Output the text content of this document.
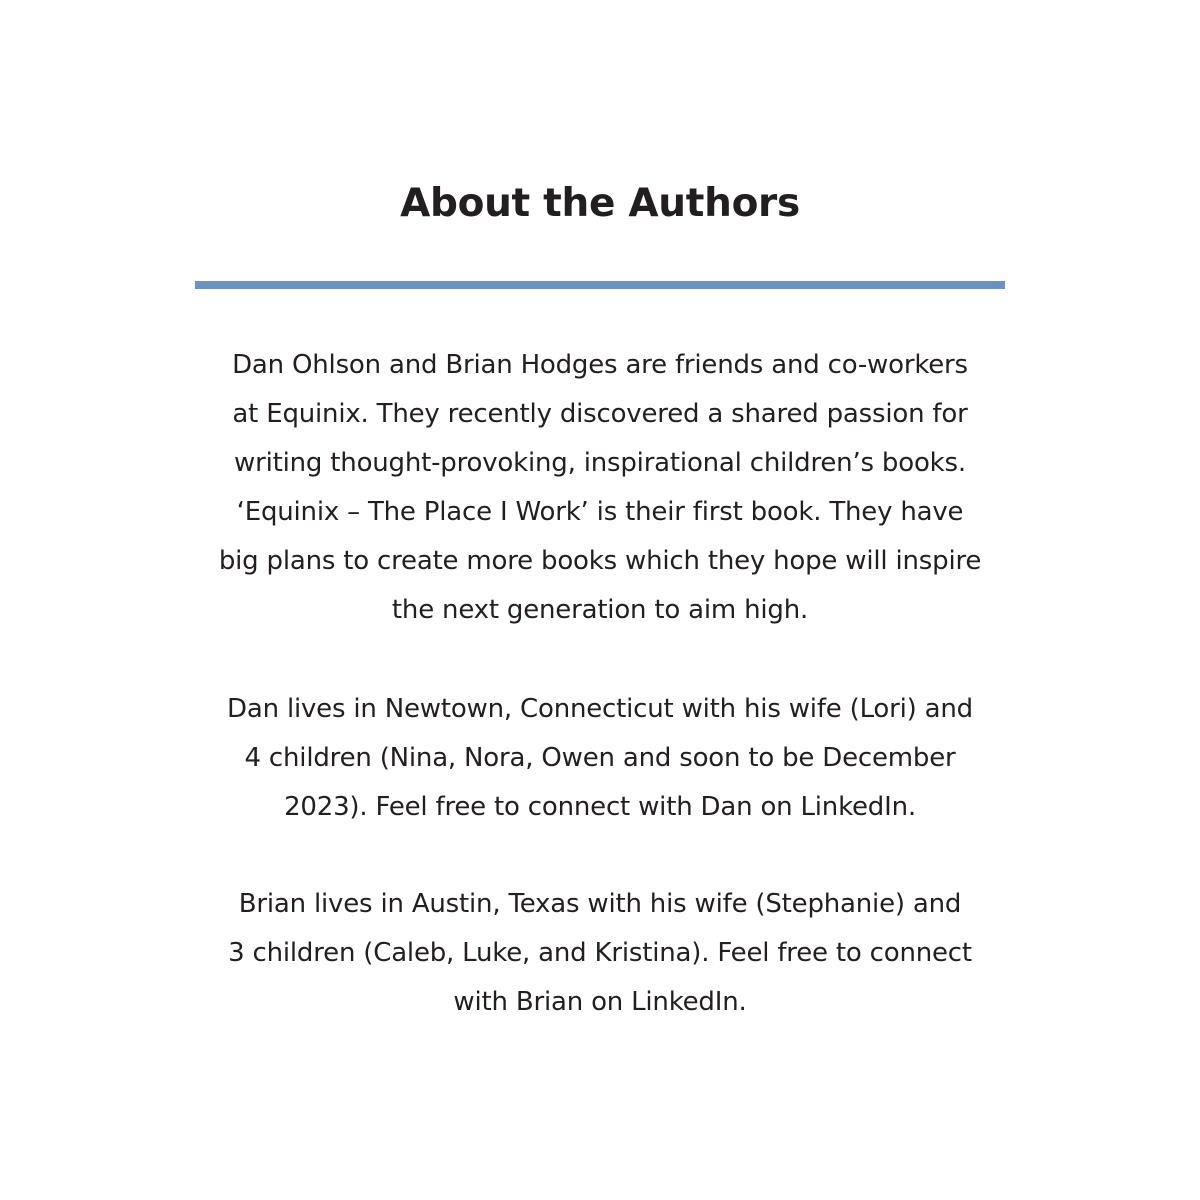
About the Authors

Dan Ohlson and Brian Hodges are friends and co-workers
at Equinix. They recently discovered a shared passion for
writing thought-provoking, inspirational children’s books.
‘Equinix – The Place I Work’ is their first book. They have
big plans to create more books which they hope will inspire
the next generation to aim high.

Dan lives in Newtown, Connecticut with his wife (Lori) and
4 children (Nina, Nora, Owen and soon to be December
2023). Feel free to connect with Dan on LinkedIn.

Brian lives in Austin, Texas with his wife (Stephanie) and
3 children (Caleb, Luke, and Kristina). Feel free to connect
with Brian on LinkedIn.
